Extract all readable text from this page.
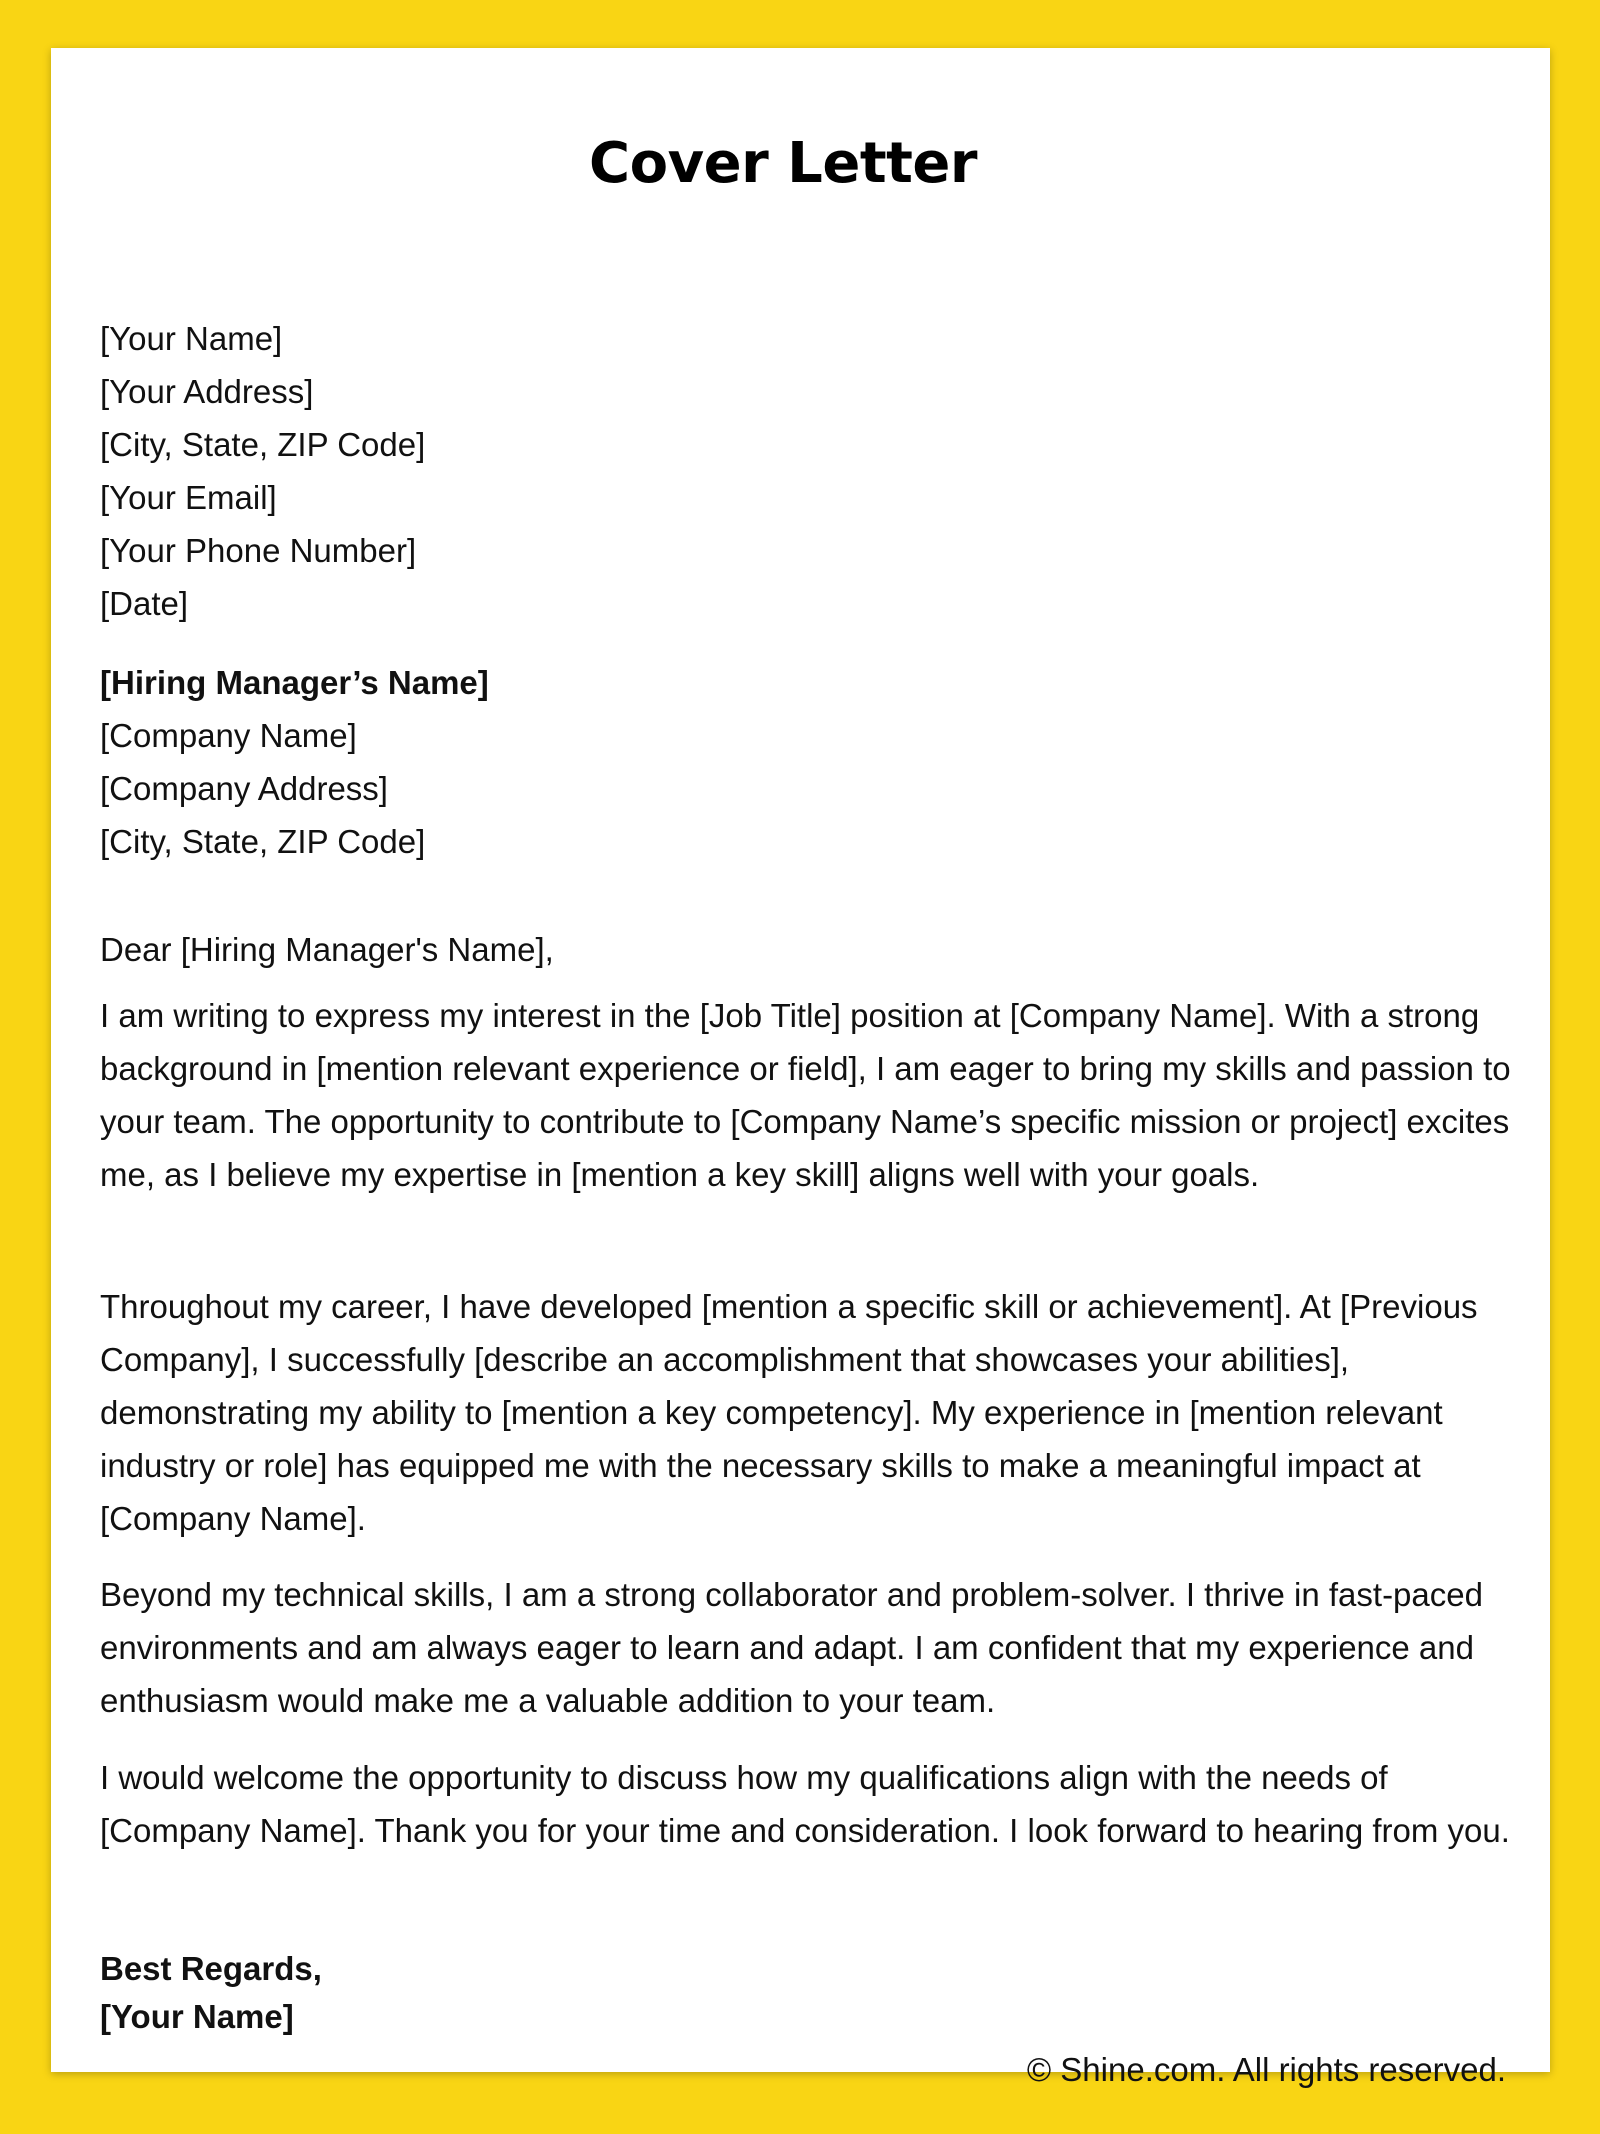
Cover Letter
[Your Name]
[Your Address]
[City, State, ZIP Code]
[Your Email]
[Your Phone Number]
[Date]
[Hiring Manager’s Name]
[Company Name]
[Company Address]
[City, State, ZIP Code]
Dear [Hiring Manager's Name],

I am writing to express my interest in the [Job Title] position at [Company Name]. With a strong background in [mention relevant experience or field], I am eager to bring my skills and passion to your team. The opportunity to contribute to [Company Name’s specific mission or project] excites me, as I believe my expertise in [mention a key skill] aligns well with your goals.

Throughout my career, I have developed [mention a specific skill or achievement]. At [Previous Company], I successfully [describe an accomplishment that showcases your abilities], demonstrating my ability to [mention a key competency]. My experience in [mention relevant industry or role] has equipped me with the necessary skills to make a meaningful impact at [Company Name].

Beyond my technical skills, I am a strong collaborator and problem-solver. I thrive in fast-paced environments and am always eager to learn and adapt. I am confident that my experience and enthusiasm would make me a valuable addition to your team.

I would welcome the opportunity to discuss how my qualifications align with the needs of [Company Name]. Thank you for your time and consideration. I look forward to hearing from you.

Best Regards,
[Your Name]
© Shine.com. All rights reserved.
